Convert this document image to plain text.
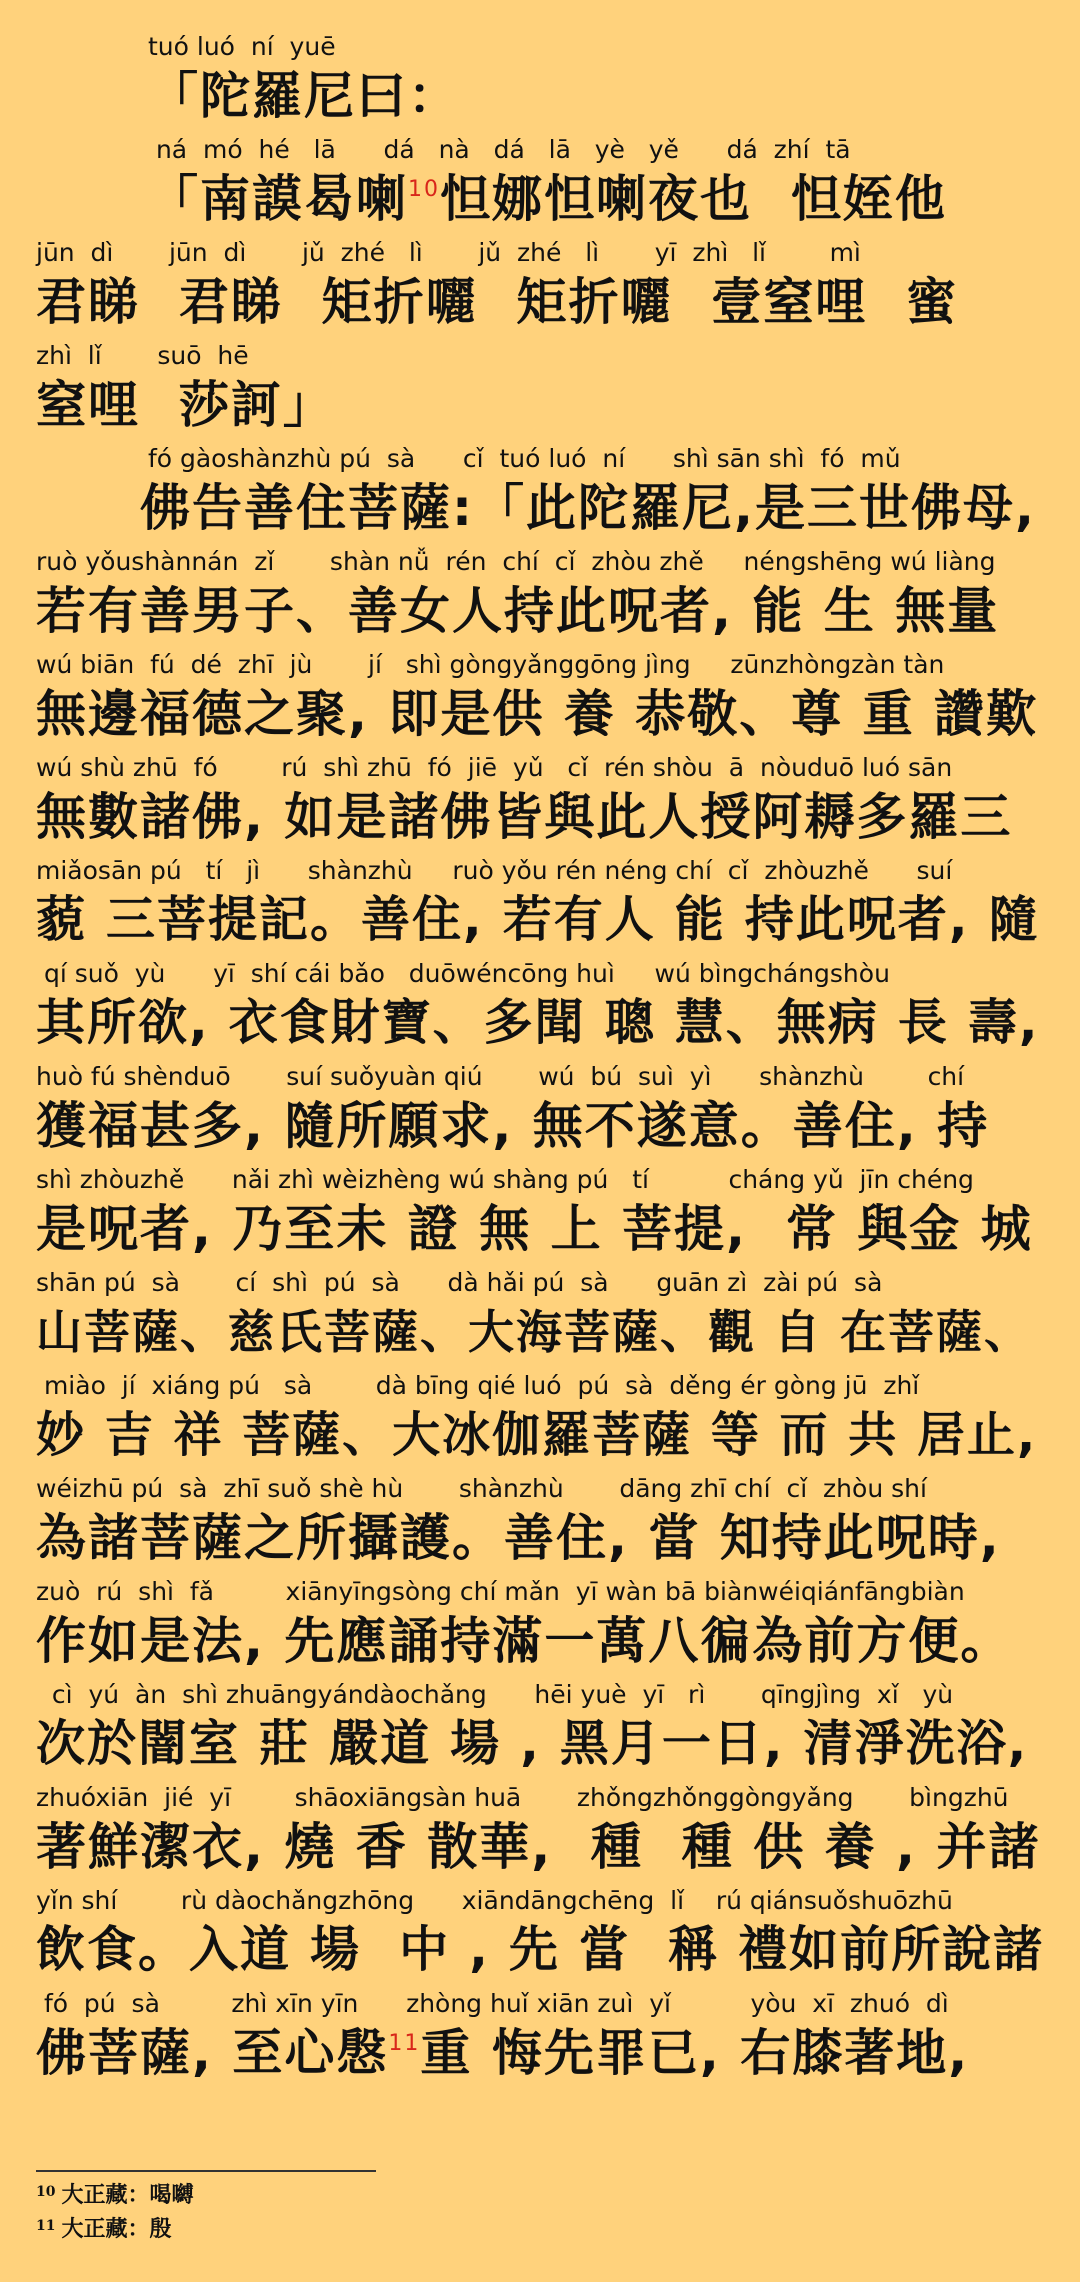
tuó luó  ní  yuē
「陀羅尼曰：
ná  mó  hé   lā      dá   nà   dá   lā   yè   yě      dá  zhí  tā
「南謨曷喇$^{10}$怛娜怛喇夜也  怛姪他
jūn  dì       jūn  dì       jǔ  zhé   lì       jǔ  zhé   lì       yī  zhì   lǐ        mì
君睇  君睇  矩折囇  矩折囇  壹窒哩  蜜
zhì  lǐ       suō  hē
窒哩  莎訶」
fó gàoshànzhù pú  sà      cǐ  tuó luó  ní      shì sān shì  fó  mǔ
佛告善住菩薩:「此陀羅尼,是三世佛母,
ruò yǒushànnán  zǐ       shàn nǚ  rén  chí  cǐ  zhòu zhě     néngshēng wú liàng
若有善男子、善女人持此呪者, 能 生 無量
wú biān  fú  dé  zhī  jù       jí   shì gòngyǎnggōng jìng     zūnzhòngzàn tàn
無邊福德之聚, 即是供 養 恭敬、尊 重 讚歎
wú shù zhū  fó        rú  shì zhū  fó  jiē  yǔ   cǐ  rén shòu  ā  nòuduō luó sān
無數諸佛, 如是諸佛皆與此人授阿耨多羅三
miǎosān pú   tí   jì      shànzhù     ruò yǒu rén néng chí  cǐ  zhòuzhě      suí
藐 三菩提記。善住, 若有人 能 持此呪者, 隨
qí suǒ  yù      yī  shí cái bǎo   duōwéncōng huì     wú bìngchángshòu
其所欲, 衣食財寶、多聞 聰 慧、無病 長 壽,
huò fú shènduō       suí suǒyuàn qiú       wú  bú  suì  yì      shànzhù        chí
獲福甚多, 隨所願求, 無不遂意。善住, 持
shì zhòuzhě      nǎi zhì wèizhèng wú shàng pú   tí          cháng yǔ  jīn chéng
是呪者, 乃至未 證 無 上 菩提,  常 與金 城
shān pú  sà       cí  shì  pú  sà      dà hǎi pú  sà      guān zì  zài pú  sà
山菩薩、慈氏菩薩、大海菩薩、觀 自 在菩薩、
miào  jí  xiáng pú   sà        dà bīng qié luó  pú  sà  děng ér gòng jū  zhǐ
妙 吉 祥 菩薩、大冰伽羅菩薩 等 而 共 居止,
wéizhū pú  sà  zhī suǒ shè hù       shànzhù       dāng zhī chí  cǐ  zhòu shí
為諸菩薩之所攝護。善住, 當 知持此呪時,
zuò  rú  shì  fǎ         xiānyīngsòng chí mǎn  yī wàn bā biànwéiqiánfāngbiàn
作如是法, 先應誦持滿一萬八徧為前方便。
cì  yú  àn  shì zhuāngyándàochǎng      hēi yuè  yī   rì       qīngjìng  xǐ   yù
次於闇室 莊 嚴道 場 , 黑月一日, 清淨洗浴,
zhuóxiān  jié  yī        shāoxiāngsàn huā       zhǒngzhǒnggòngyǎng       bìngzhū
著鮮潔衣, 燒 香 散華,  種  種 供 養 , 并諸
yǐn shí        rù dàochǎngzhōng      xiāndāngchēng  lǐ    rú qiánsuǒshuōzhū
飲食。入道 場  中 , 先 當  稱 禮如前所說諸
fó  pú  sà         zhì xīn yīn      zhòng huǐ xiān zuì  yǐ          yòu  xī  zhuó  dì
佛菩薩, 至心慇$^{11}$重 悔先罪已, 右膝著地,
$^{10}$ 大正藏：喝嚩
$^{11}$ 大正藏：殷
